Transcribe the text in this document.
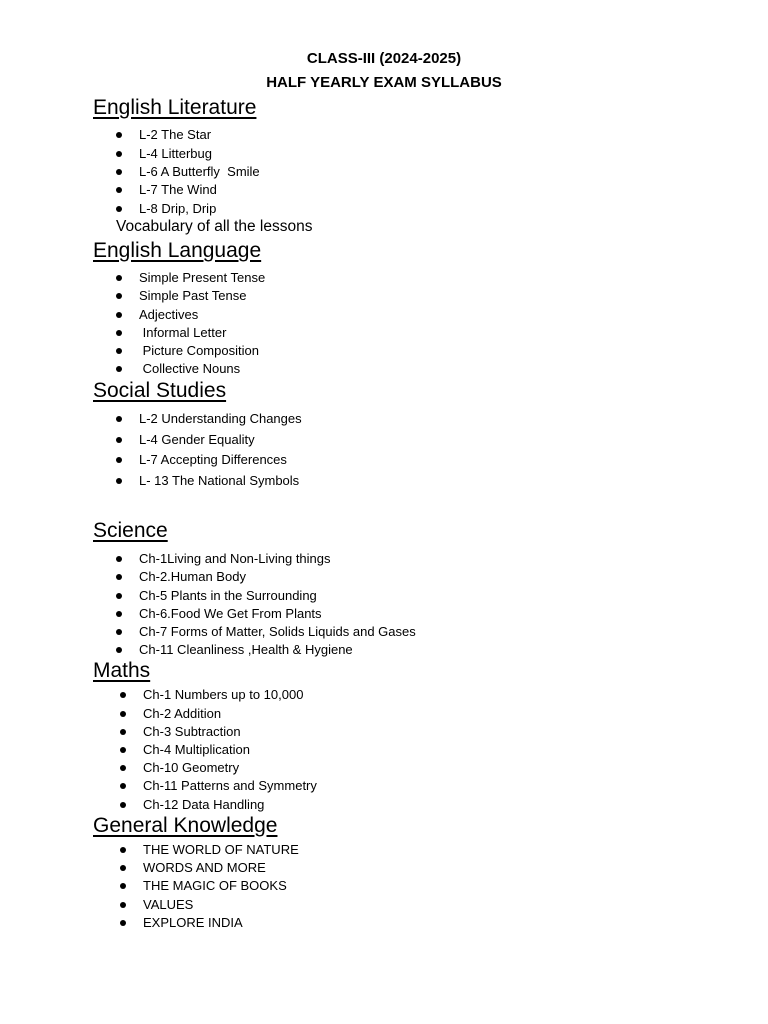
CLASS-III (2024-2025)
HALF YEARLY EXAM SYLLABUS
English Literature
L-2 The Star
L-4 Litterbug
L-6 A Butterfly  Smile
L-7 The Wind
L-8 Drip, Drip
Vocabulary of all the lessons
English Language
Simple Present Tense
Simple Past Tense
Adjectives
Informal Letter
Picture Composition
Collective Nouns
Social Studies
L-2 Understanding Changes
L-4 Gender Equality
L-7 Accepting Differences
L- 13 The National Symbols
Science
Ch-1Living and Non-Living things
Ch-2.Human Body
Ch-5 Plants in the Surrounding
Ch-6.Food We Get From Plants
Ch-7 Forms of Matter, Solids Liquids and Gases
Ch-11 Cleanliness ,Health & Hygiene
Maths
Ch-1 Numbers up to 10,000
Ch-2 Addition
Ch-3 Subtraction
Ch-4 Multiplication
Ch-10 Geometry
Ch-11 Patterns and Symmetry
Ch-12 Data Handling
General Knowledge
THE WORLD OF NATURE
WORDS AND MORE
THE MAGIC OF BOOKS
VALUES
EXPLORE INDIA
